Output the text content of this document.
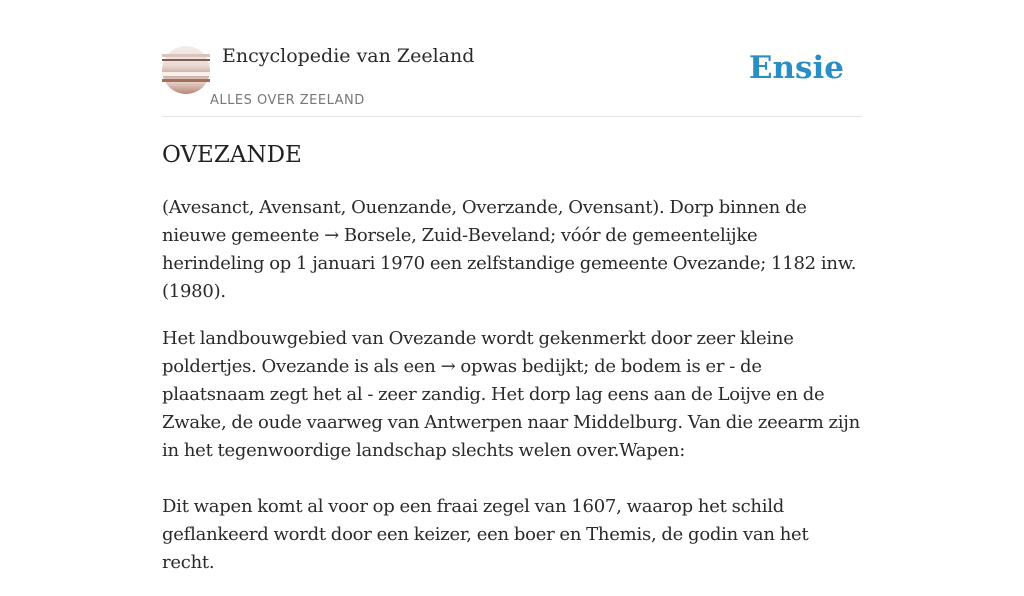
Encyclopedie van Zeeland
ALLES OVER ZEELAND
Ensie
OVEZANDE

(Avesanct, Avensant, Ouenzande, Overzande, Ovensant). Dorp binnen de nieuwe gemeente → Borsele, Zuid-Beveland; vóór de gemeentelijke herindeling op 1 januari 1970 een zelfstandige gemeente Ovezande; 1182 inw. (1980).

Het landbouwgebied van Ovezande wordt gekenmerkt door zeer kleine poldertjes. Ovezande is als een → opwas bedijkt; de bodem is er - de plaatsnaam zegt het al - zeer zandig. Het dorp lag eens aan de Loijve en de Zwake, de oude vaarweg van Antwerpen naar Middelburg. Van die zeearm zijn in het tegenwoordige landschap slechts welen over.Wapen:

Dit wapen komt al voor op een fraai zegel van 1607, waarop het schild geflankeerd wordt door een keizer, een boer en Themis, de godin van het recht.
